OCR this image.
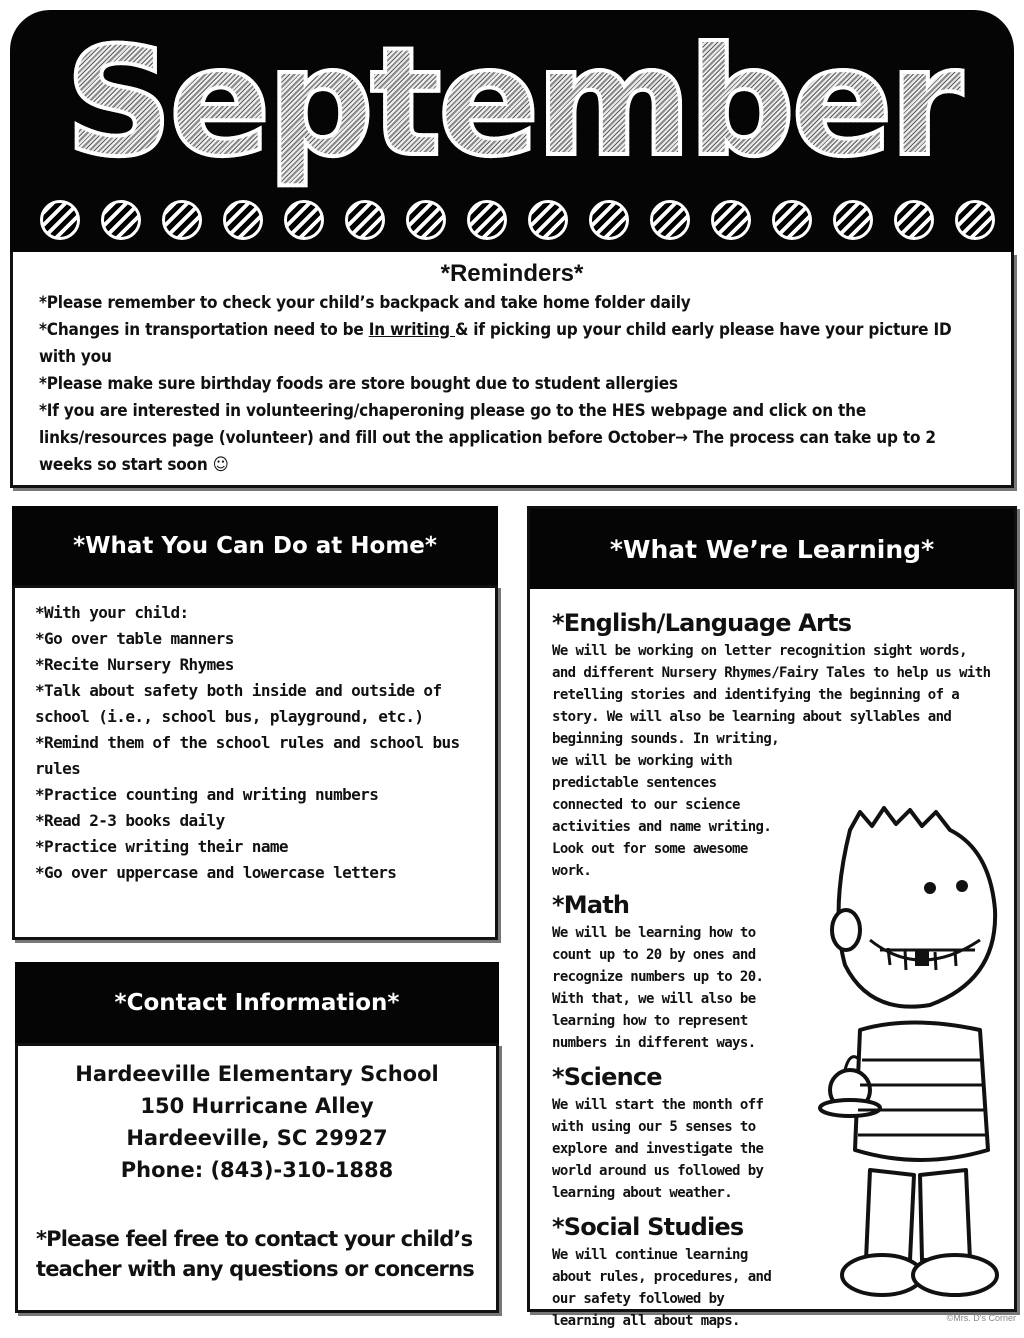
September
*Reminders*
*Please remember to check your child’s backpack and take home folder daily
*Changes in transportation need to be In writing & if picking up your child early please have your picture ID with you
*Please make sure birthday foods are store bought due to student allergies
*If you are interested in volunteering/chaperoning please go to the HES webpage and click on the links/resources page (volunteer) and fill out the application before October→ The process can take up to 2 weeks so start soon ☺
*What You Can Do at Home*

*With your child:

*Go over table manners

*Recite Nursery Rhymes

*Talk about safety both inside and outside of school (i.e., school bus, playground, etc.)

*Remind them of the school rules and school bus rules

*Practice counting and writing numbers

*Read 2-3 books daily

*Practice writing their name

*Go over uppercase and lowercase letters

*Contact Information*
Hardeeville Elementary School
150 Hurricane Alley
Hardeeville, SC 29927
Phone: (843)-310-1888
*Please feel free to contact your child’s teacher with any questions or concerns
*What We’re Learning*

*English/Language Arts

We will be working on letter recognition sight words, and different Nursery Rhymes/Fairy Tales to help us with retelling stories and identifying the beginning of a story. We will also be learning about syllables and beginning sounds. In writing,

we will be working with predictable sentences connected to our science activities and name writing. Look out for some awesome work.

*Math

We will be learning how to count up to 20 by ones and recognize numbers up to 20. With that, we will also be learning how to represent numbers in different ways.

*Science

We will start the month off with using our 5 senses to explore and investigate the world around us followed by learning about weather.

*Social Studies

We will continue learning about rules, procedures, and our safety followed by learning all about maps.	©Mrs. D's Corner
